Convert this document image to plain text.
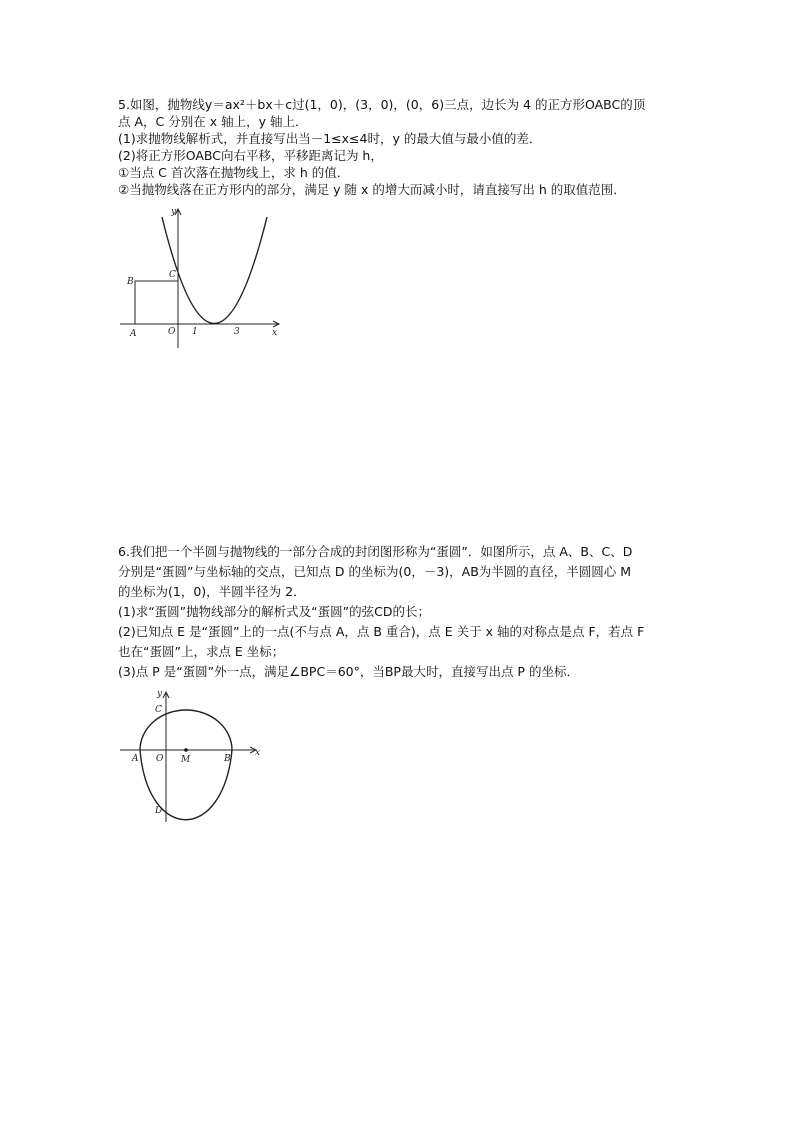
5.如图，抛物线y＝ax²＋bx＋c过(1，0)，(3，0)，(0，6)三点，边长为 4 的正方形OABC的顶

点 A，C 分别在 x 轴上，y 轴上．

(1)求抛物线解析式，并直接写出当－1≤x≤4时，y 的最大值与最小值的差．

(2)将正方形OABC向右平移，平移距离记为 h，

①当点 C 首次落在抛物线上，求 h 的值．

②当抛物线落在正方形内的部分，满足 y 随 x 的增大而减小时，请直接写出 h 的取值范围．

y
x
O
A
B
C
1	3

6.我们把一个半圆与抛物线的一部分合成的封闭图形称为“蛋圆”．如图所示，点 A、B、C、D

分别是“蛋圆”与坐标轴的交点，已知点 D 的坐标为(0，－3)，AB为半圆的直径，半圆圆心 M

的坐标为(1，0)，半圆半径为 2．

(1)求“蛋圆”抛物线部分的解析式及“蛋圆”的弦CD的长；

(2)已知点 E 是“蛋圆”上的一点(不与点 A，点 B 重合)，点 E 关于 x 轴的对称点是点 F，若点 F

也在“蛋圆”上，求点 E 坐标；

(3)点 P 是“蛋圆”外一点，满足∠BPC＝60°，当BP最大时，直接写出点 P 的坐标．

y
x
C
A O M	B
D
